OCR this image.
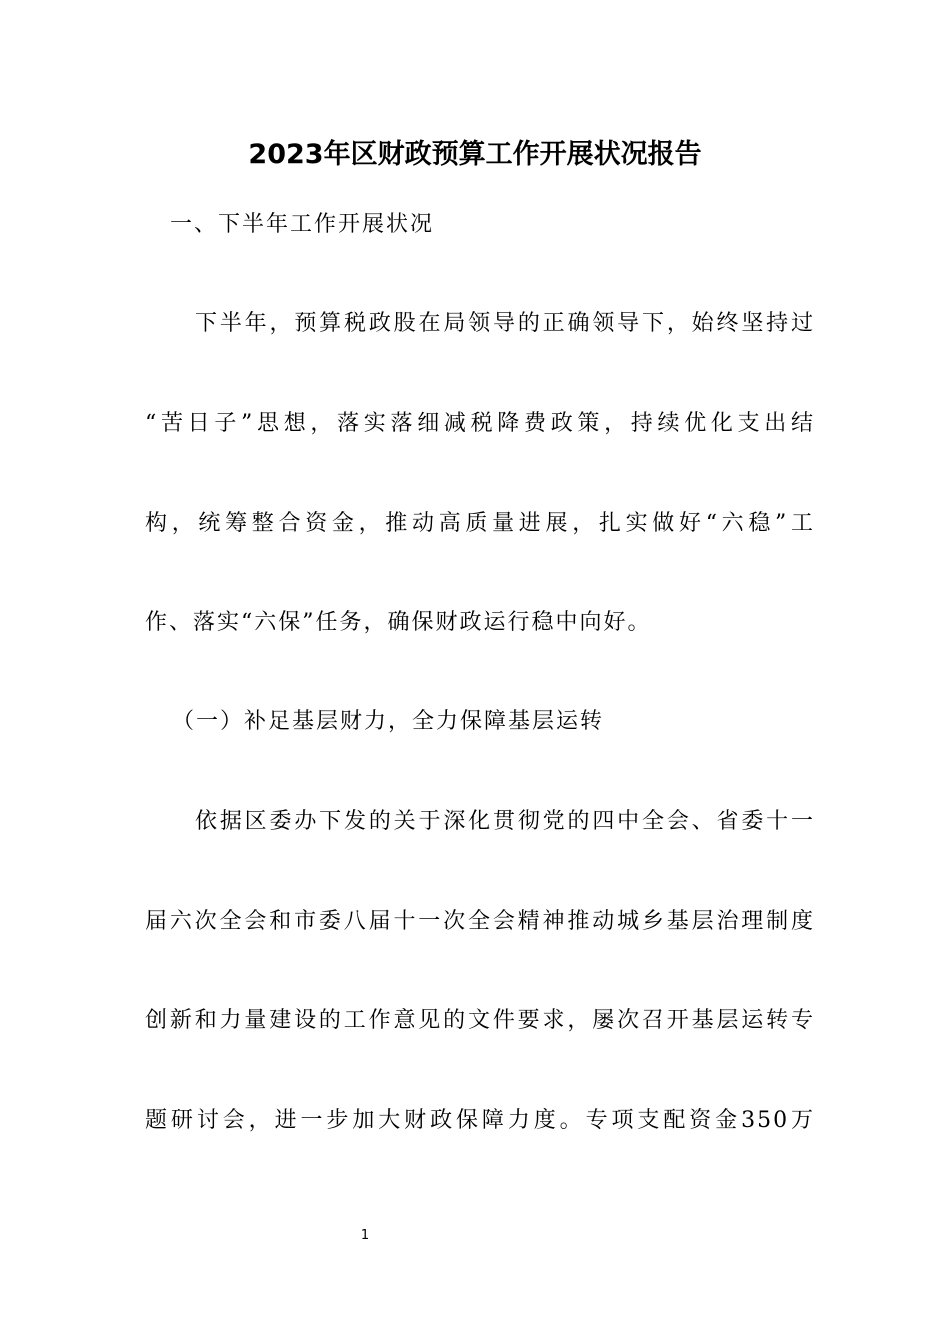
2023年区财政预算工作开展状况报告
一、下半年工作开展状况
下半年，预算税政股在局领导的正确领导下，始终坚持过
“苦日子”思想，落实落细减税降费政策，持续优化支出结
构，统筹整合资金，推动高质量进展，扎实做好“六稳”工
作、落实“六保”任务，确保财政运行稳中向好。
（一）补足基层财力，全力保障基层运转
依据区委办下发的关于深化贯彻党的四中全会、省委十一
届六次全会和市委八届十一次全会精神推动城乡基层治理制度
创新和力量建设的工作意见的文件要求，屡次召开基层运转专
题研讨会，进一步加大财政保障力度。专项支配资金350万
1
